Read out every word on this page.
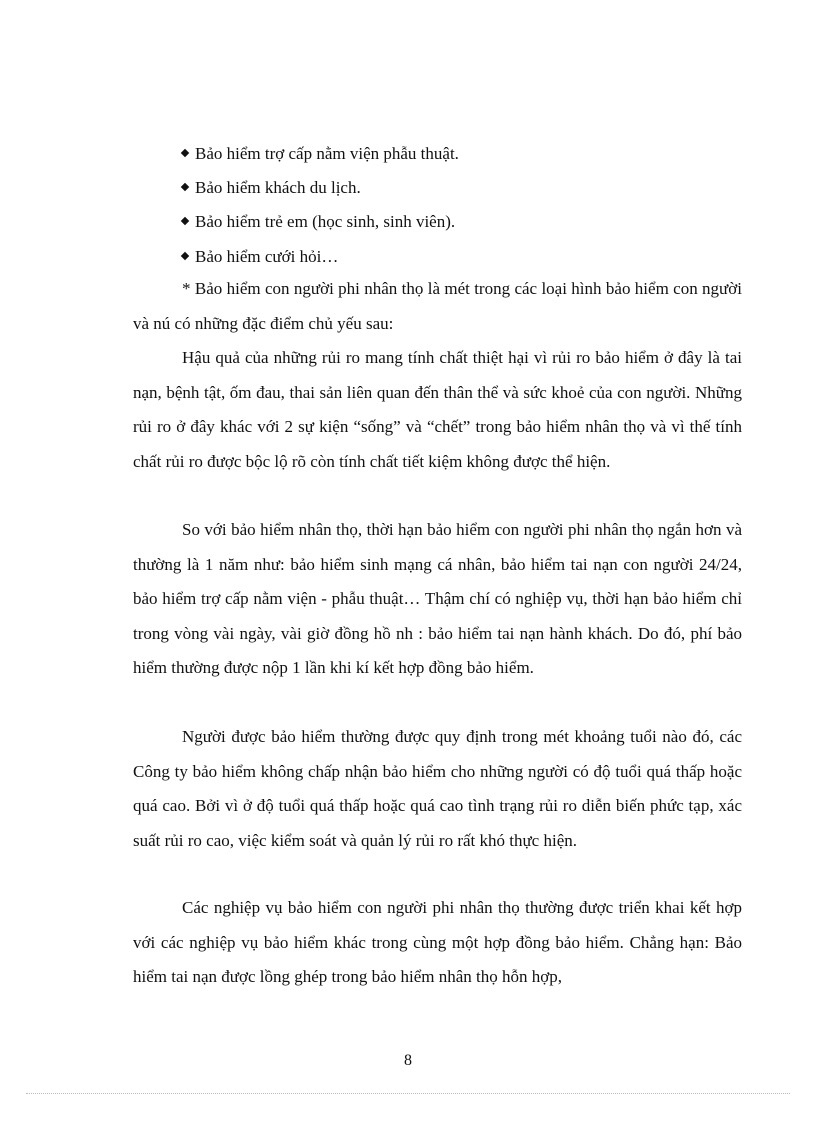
Bảo hiểm trợ cấp nằm viện phẫu thuật.
Bảo hiểm khách du lịch.
Bảo hiểm trẻ em (học sinh, sinh viên).
Bảo hiểm cưới hỏi…
* Bảo hiểm con người phi nhân thọ là mét trong các loại hình bảo hiểm con người và nú có những đặc điểm chủ yếu sau:
Hậu quả của những rủi ro mang tính chất thiệt hại vì rủi ro bảo hiểm ở đây là tai nạn, bệnh tật, ốm đau, thai sản liên quan đến thân thể và sức khoẻ của con người. Những rủi ro ở đây khác với 2 sự kiện “sống” và “chết” trong bảo hiểm nhân thọ và vì thế tính chất rủi ro được bộc lộ rõ còn tính chất tiết kiệm không được thể hiện.
So với bảo hiểm nhân thọ, thời hạn bảo hiểm con người phi nhân thọ ngắn hơn và thường là 1 năm như: bảo hiểm sinh mạng cá nhân, bảo hiểm tai nạn con người 24/24, bảo hiểm trợ cấp nằm viện - phẫu thuật… Thậm chí có nghiệp vụ, thời hạn bảo hiểm chỉ trong vòng vài ngày, vài giờ đồng hồ nh : bảo hiểm tai nạn hành khách. Do đó, phí bảo hiểm thường được nộp 1 lần khi kí kết hợp đồng bảo hiểm.
Người được bảo hiểm thường được quy định trong mét khoảng tuổi nào đó, các Công ty bảo hiểm không chấp nhận bảo hiểm cho những người có độ tuổi quá thấp hoặc quá cao. Bởi vì ở độ tuổi quá thấp hoặc quá cao tình trạng rủi ro diễn biến phức tạp, xác suất rủi ro cao, việc kiểm soát và quản lý rủi ro rất khó thực hiện.
Các nghiệp vụ bảo hiểm con người phi nhân thọ thường được triển khai kết hợp với các nghiệp vụ bảo hiểm khác trong cùng một hợp đồng bảo hiểm. Chẳng hạn: Bảo hiểm tai nạn được lồng ghép trong bảo hiểm nhân thọ hỗn hợp,
8
